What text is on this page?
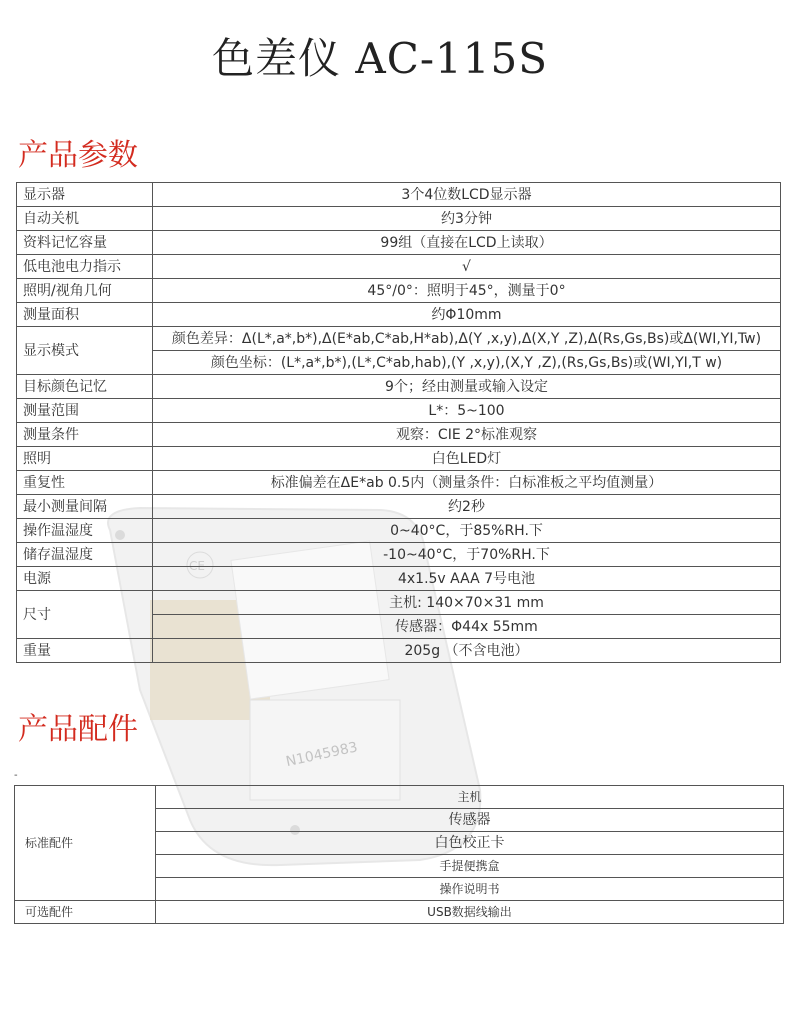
色差仪 AC-115S
产品参数
CE
N1045983
显示器	3个4位数LCD显示器
自动关机	约3分钟
资料记忆容量	99组（直接在LCD上读取）
低电池电力指示	√
照明/视角几何	45°/0°：照明于45°，测量于0°
测量面积	约Φ10mm
显示模式	颜色差异：Δ(L*,a*,b*),Δ(E*ab,C*ab,H*ab),Δ(Y ,x,y),Δ(X,Y ,Z),Δ(Rs,Gs,Bs)或Δ(WI,YI,Tw)
	颜色坐标：(L*,a*,b*),(L*,C*ab,hab),(Y ,x,y),(X,Y ,Z),(Rs,Gs,Bs)或(WI,YI,T w)
目标颜色记忆	9个；经由测量或输入设定
测量范围	L*：5~100
测量条件	观察：CIE 2°标准观察
照明	白色LED灯
重复性	标准偏差在ΔE*ab 0.5内（测量条件：白标准板之平均值测量）
最小测量间隔	约2秒
操作温湿度	0~40°C，于85%RH.下
储存温湿度	-10~40°C，于70%RH.下
电源	4x1.5v AAA 7号电池
尺寸	主机: 140×70×31 mm
	传感器：Φ44x 55mm
重量	205g （不含电池）
产品配件
-
标准配件	主机
	传感器
	白色校正卡
	手提便携盒
	操作说明书
可选配件	USB数据线输出
